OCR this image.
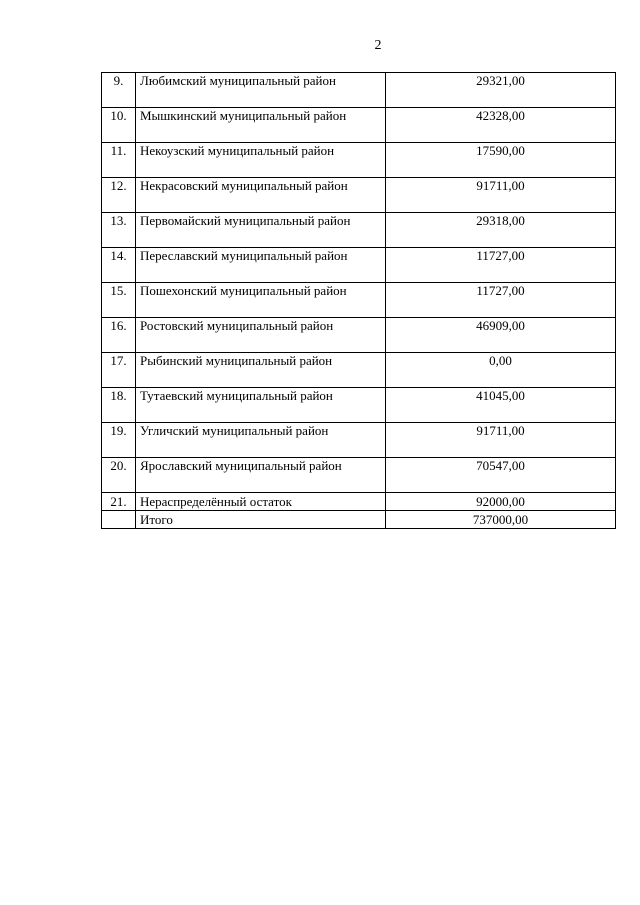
2
9.	Любимский муниципальный район	29321,00
10.	Мышкинский муниципальный район	42328,00
11.	Некоузский муниципальный район	17590,00
12.	Некрасовский муниципальный район	91711,00
13.	Первомайский муниципальный район	29318,00
14.	Переславский муниципальный район	11727,00
15.	Пошехонский муниципальный район	11727,00
16.	Ростовский муниципальный район	46909,00
17.	Рыбинский муниципальный район	0,00
18.	Тутаевский муниципальный район	41045,00
19.	Угличский муниципальный район	91711,00
20.	Ярославский муниципальный район	70547,00
21.	Нераспределённый остаток	92000,00
	Итого	737000,00
